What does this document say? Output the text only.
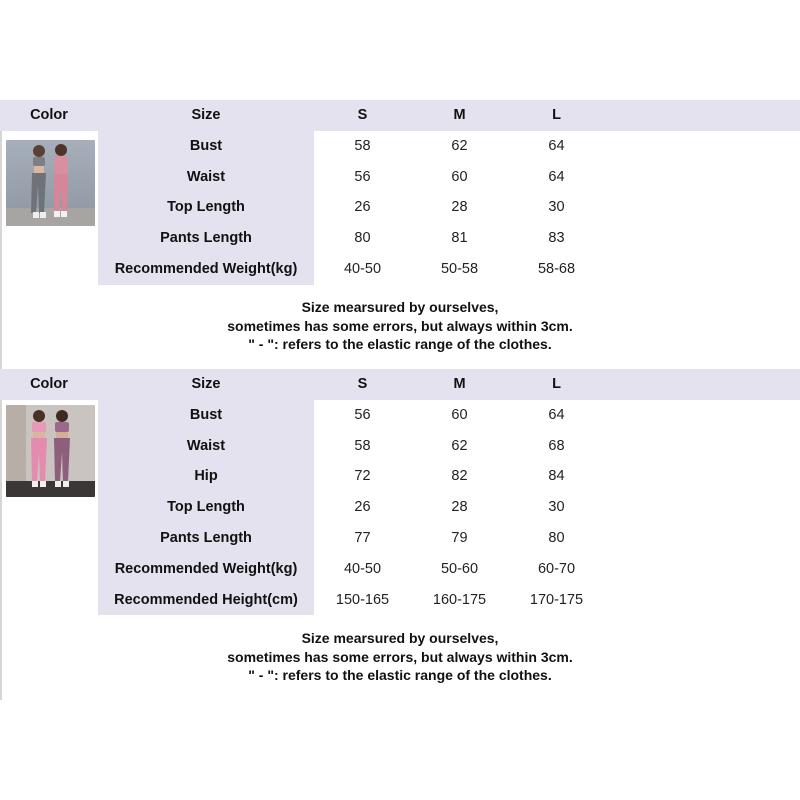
Color	Size	S	M	L
Bust	58	62	64
Waist	56	60	64
Top Length	26	28	30
Pants Length	80	81	83
Recommended Weight(kg)	40-50	50-58	58-68
Size mearsured by ourselves,
sometimes has some errors, but always within 3cm.
" - ": refers to the elastic range of the clothes.
Color	Size	S	M	L
Bust	56	60	64
Waist	58	62	68
Hip	72	82	84
Top Length	26	28	30
Pants Length	77	79	80
Recommended Weight(kg)	40-50	50-60	60-70
Recommended Height(cm)	150-165	160-175	170-175
Size mearsured by ourselves,
sometimes has some errors, but always within 3cm.
" - ": refers to the elastic range of the clothes.
